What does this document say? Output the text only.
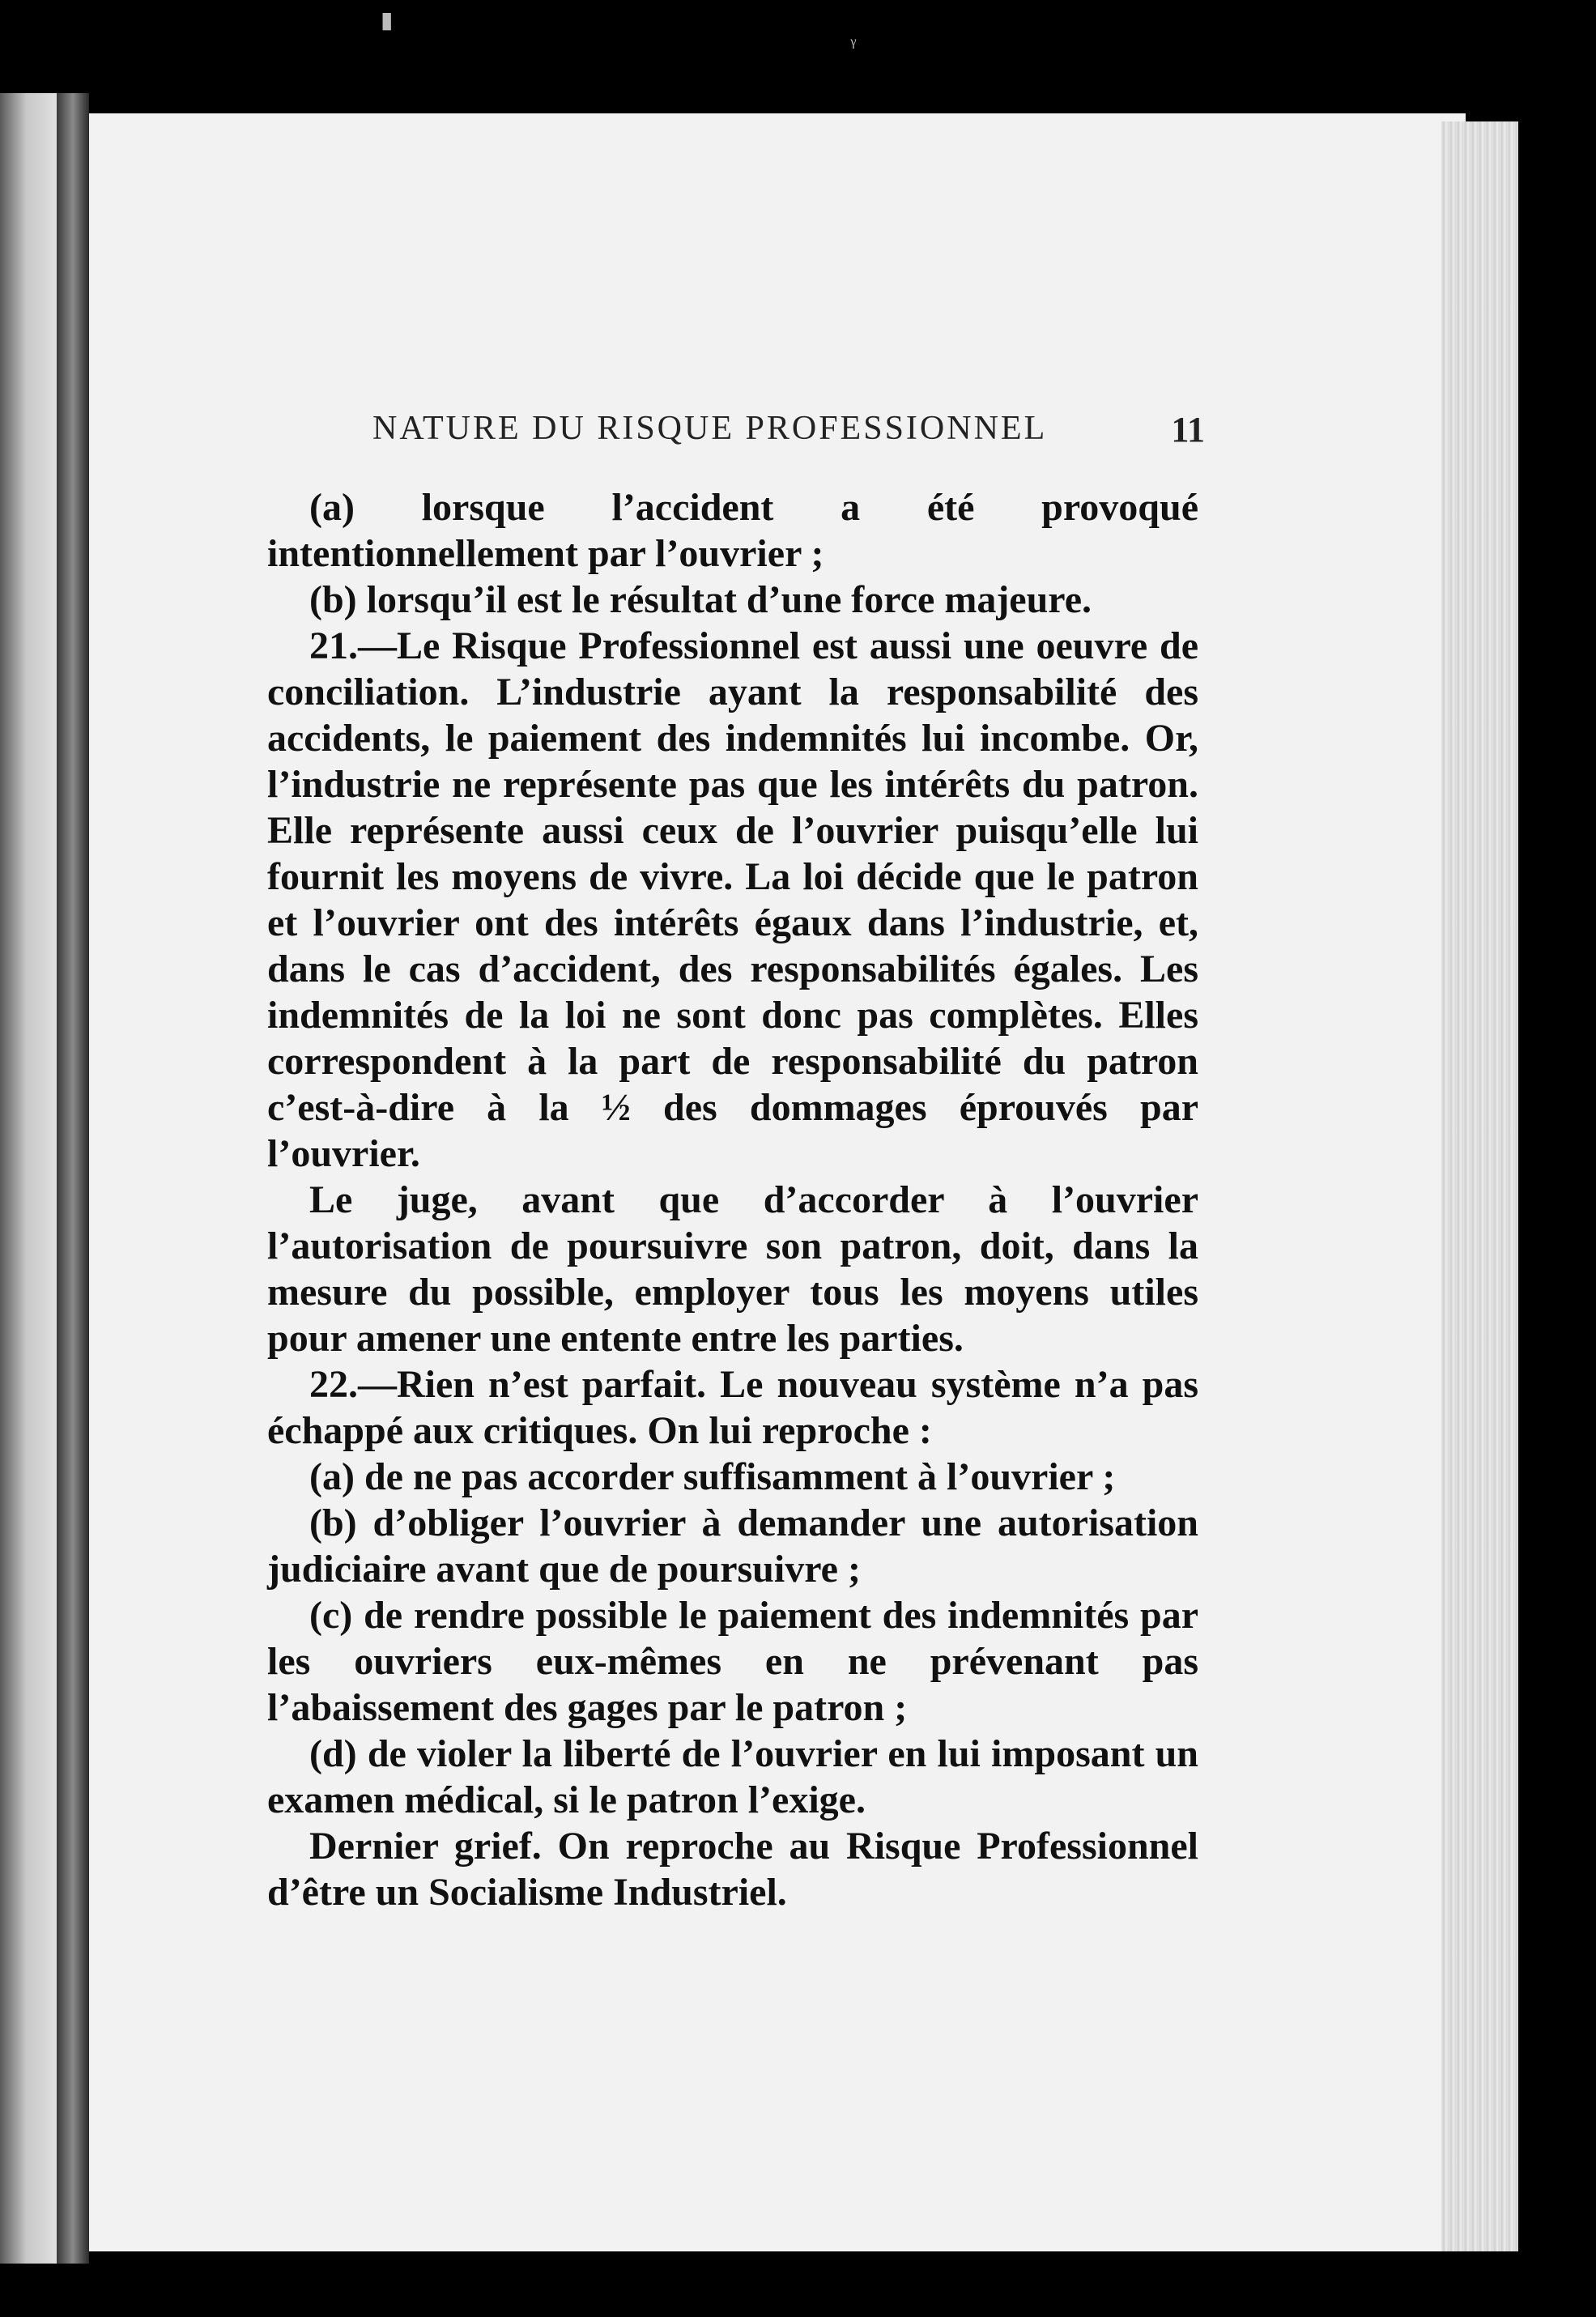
▮
ᵧ
NATURE DU RISQUE PROFESSIONNEL	11

(a) lorsque l’accident a été provoqué intentionnellement par l’ouvrier ;

(b) lorsqu’il est le résultat d’une force majeure.

21.—Le Risque Professionnel est aussi une oeuvre de conciliation. L’industrie ayant la responsabilité des accidents, le paiement des indemnités lui incombe. Or, l’industrie ne représente pas que les intérêts du patron. Elle représente aussi ceux de l’ouvrier puisqu’elle lui fournit les moyens de vivre. La loi décide que le patron et l’ouvrier ont des intérêts égaux dans l’industrie, et, dans le cas d’accident, des responsabilités égales. Les indemnités de la loi ne sont donc pas complètes. Elles correspondent à la part de responsabilité du patron c’est-à-dire à la ½ des dommages éprouvés par l’ouvrier.

Le juge, avant que d’accorder à l’ouvrier l’autorisation de poursuivre son patron, doit, dans la mesure du possible, employer tous les moyens utiles pour amener une entente entre les parties.

22.—Rien n’est parfait. Le nouveau système n’a pas échappé aux critiques. On lui reproche :

(a) de ne pas accorder suffisamment à l’ouvrier ;

(b) d’obliger l’ouvrier à demander une autorisation judiciaire avant que de poursuivre ;

(c) de rendre possible le paiement des indemnités par les ouvriers eux-mêmes en ne prévenant pas l’abaissement des gages par le patron ;

(d) de violer la liberté de l’ouvrier en lui imposant un examen médical, si le patron l’exige.

Dernier grief. On reproche au Risque Professionnel d’être un Socialisme Industriel.
